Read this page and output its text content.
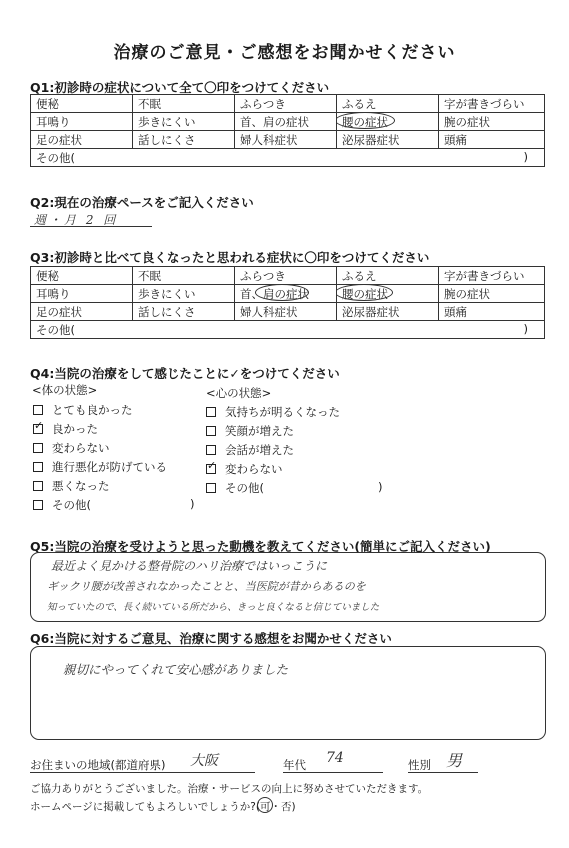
治療のご意見・ご感想をお聞かせください
Q1:初診時の症状について全て〇印をつけてください
便秘	不眠	ふらつき	ふるえ	字が書きづらい
耳鳴り	歩きにくい	首、肩の症状	腰の症状	腕の症状
足の症状	話しにくさ	婦人科症状	泌尿器症状	頭痛
その他( )				
Q2:現在の治療ペースをご記入ください
週・月 2 回
Q3:初診時と比べて良くなったと思われる症状に〇印をつけてください
便秘	不眠	ふらつき	ふるえ	字が書きづらい
耳鳴り	歩きにくい	首、肩の症状	腰の症状	腕の症状
足の症状	話しにくさ	婦人科症状	泌尿器症状	頭痛
その他( )				
Q4:当院の治療をして感じたことに✓をつけてください
<体の状態>	<心の状態>
とても良かった
✓良かった
変わらない
進行悪化が防げている
悪くなった
その他(	)
気持ちが明るくなった
笑顔が増えた
会話が増えた
✓変わらない
その他(	)
Q5:当院の治療を受けようと思った動機を教えてください(簡単にご記入ください)
最近よく見かける整骨院のハリ治療ではいっこうに
ギックリ腰が改善されなかったことと、当医院が昔からあるのを
知っていたので、長く続いている所だから、きっと良くなると信じていました
Q6:当院に対するご意見、治療に関する感想をお聞かせください
親切にやってくれて安心感がありました
お住まいの地域(都道府県) 大阪	年代 74	性別 男
ご協力ありがとうございました。治療・サービスの向上に努めさせていただきます。
ホームページに掲載してもよろしいでしょうか?(可
・否)
